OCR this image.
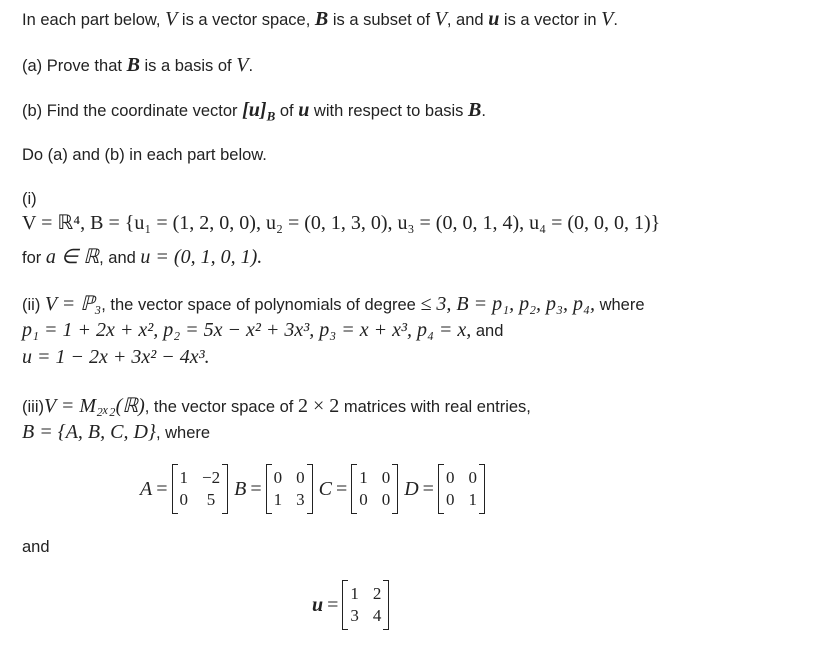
In each part below, V is a vector space, B is a subset of V, and u is a vector in V.
(a) Prove that B is a basis of V.
(b) Find the coordinate vector $[u]_B$ of u with respect to basis B.
Do (a) and (b) in each part below.
(i)
V = ℝ⁴, B = {u₁ = (1, 2, 0, 0), u₂ = (0, 1, 3, 0), u₃ = (0, 0, 1, 4), u₄ = (0, 0, 0, 1)}
for a ∈ ℝ, and u = (0, 1, 0, 1).
(ii) V = ℙ₃, the vector space of polynomials of degree ≤ 3, B = p₁, p₂, p₃, p₄, where
p₁ = 1 + 2x + x², p₂ = 5x − x² + 3x³, p₃ = x + x³, p₄ = x, and
u = 1 − 2x + 3x² − 4x³.
(iii)V = M₂ₓ₂(ℝ), the vector space of 2 × 2 matrices with real entries,
B = {A, B, C, D}, where
A = 1 −2
0 5 B = 0 0
1 3 C = 1 0
0 0 D = 0 0
0 1
and
u = 1 2
3 4
